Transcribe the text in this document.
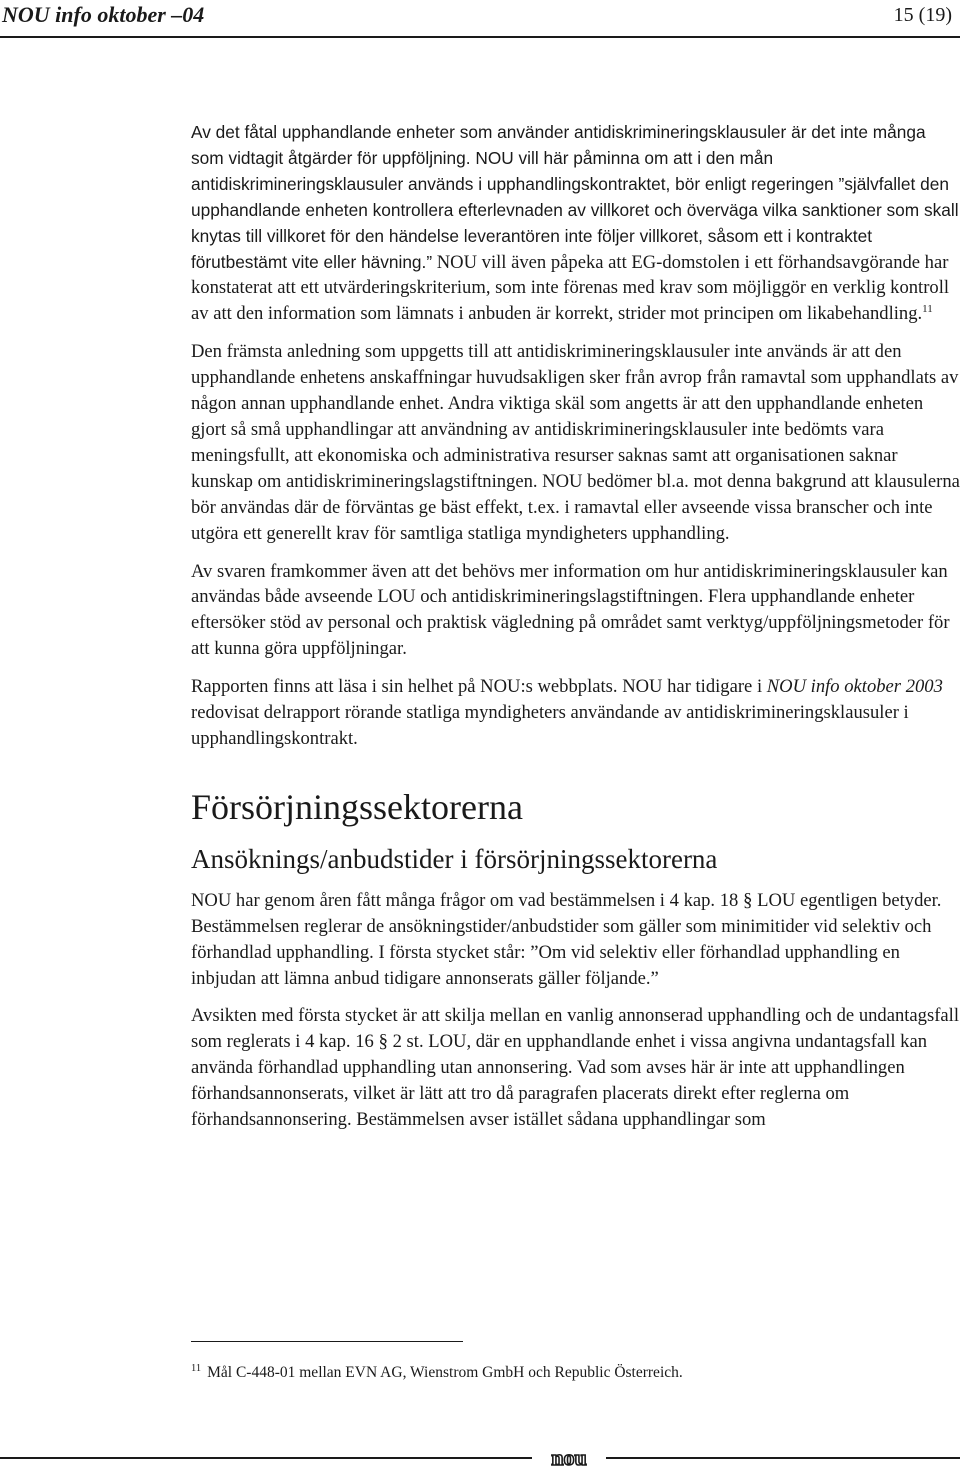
NOU info oktober –04	15 (19)

Av det fåtal upphandlande enheter som använder antidiskrimineringsklausuler är det inte många som vidtagit åtgärder för uppföljning. NOU vill här påminna om att i den mån antidiskrimineringsklausuler används i upphandlingskontraktet, bör enligt regeringen ”självfallet den upphandlande enheten kontrollera efterlevnaden av villkoret och överväga vilka sanktioner som skall knytas till villkoret för den händelse leverantören inte följer villkoret, såsom ett i kontraktet förutbestämt vite eller hävning.” NOU vill även påpeka att EG-domstolen i ett förhandsavgörande har konstaterat att ett utvärderingskriterium, som inte förenas med krav som möjliggör en verklig kontroll av att den information som lämnats i anbuden är korrekt, strider mot principen om likabehandling.$^{11}$

Den främsta anledning som uppgetts till att antidiskrimineringsklausuler inte används är att den upphandlande enhetens anskaffningar huvudsakligen sker från avrop från ramavtal som upphandlats av någon annan upphandlande enhet. Andra viktiga skäl som angetts är att den upphandlande enheten gjort så små upphandlingar att användning av antidiskrimineringsklausuler inte bedömts vara meningsfullt, att ekonomiska och administrativa resurser saknas samt att organisationen saknar kunskap om antidiskrimineringslagstiftningen. NOU bedömer bl.a. mot denna bakgrund att klausulerna bör användas där de förväntas ge bäst effekt, t.ex. i ramavtal eller avseende vissa branscher och inte utgöra ett generellt krav för samtliga statliga myndigheters upphandling.

Av svaren framkommer även att det behövs mer information om hur antidiskrimineringsklausuler kan användas både avseende LOU och antidiskrimineringslagstiftningen. Flera upphandlande enheter eftersöker stöd av personal och praktisk vägledning på området samt verktyg/uppföljningsmetoder för att kunna göra uppföljningar.

Rapporten finns att läsa i sin helhet på NOU:s webbplats. NOU har tidigare i NOU info oktober 2003 redovisat delrapport rörande statliga myndigheters användande av antidiskrimineringsklausuler i upphandlingskontrakt.

Försörjningssektorerna
Ansöknings/anbudstider i försörjningssektorerna

NOU har genom åren fått många frågor om vad bestämmelsen i 4 kap. 18 § LOU egentligen betyder. Bestämmelsen reglerar de ansökningstider/anbudstider som gäller som minimitider vid selektiv och förhandlad upphandling. I första stycket står: ”Om vid selektiv eller förhandlad upphandling en inbjudan att lämna anbud tidigare annonserats gäller följande.”

Avsikten med första stycket är att skilja mellan en vanlig annonserad upphandling och de undantagsfall som reglerats i 4 kap. 16 § 2 st. LOU, där en upphandlande enhet i vissa angivna undantagsfall kan använda förhandlad upphandling utan annonsering. Vad som avses här är inte att upphandlingen förhandsannonserats, vilket är lätt att tro då paragrafen placerats direkt efter reglerna om förhandsannonsering. Bestämmelsen avser istället sådana upphandlingar som

$^{11}$ Mål C-448-01 mellan EVN AG, Wienstrom GmbH och Republic Österreich.
nou
